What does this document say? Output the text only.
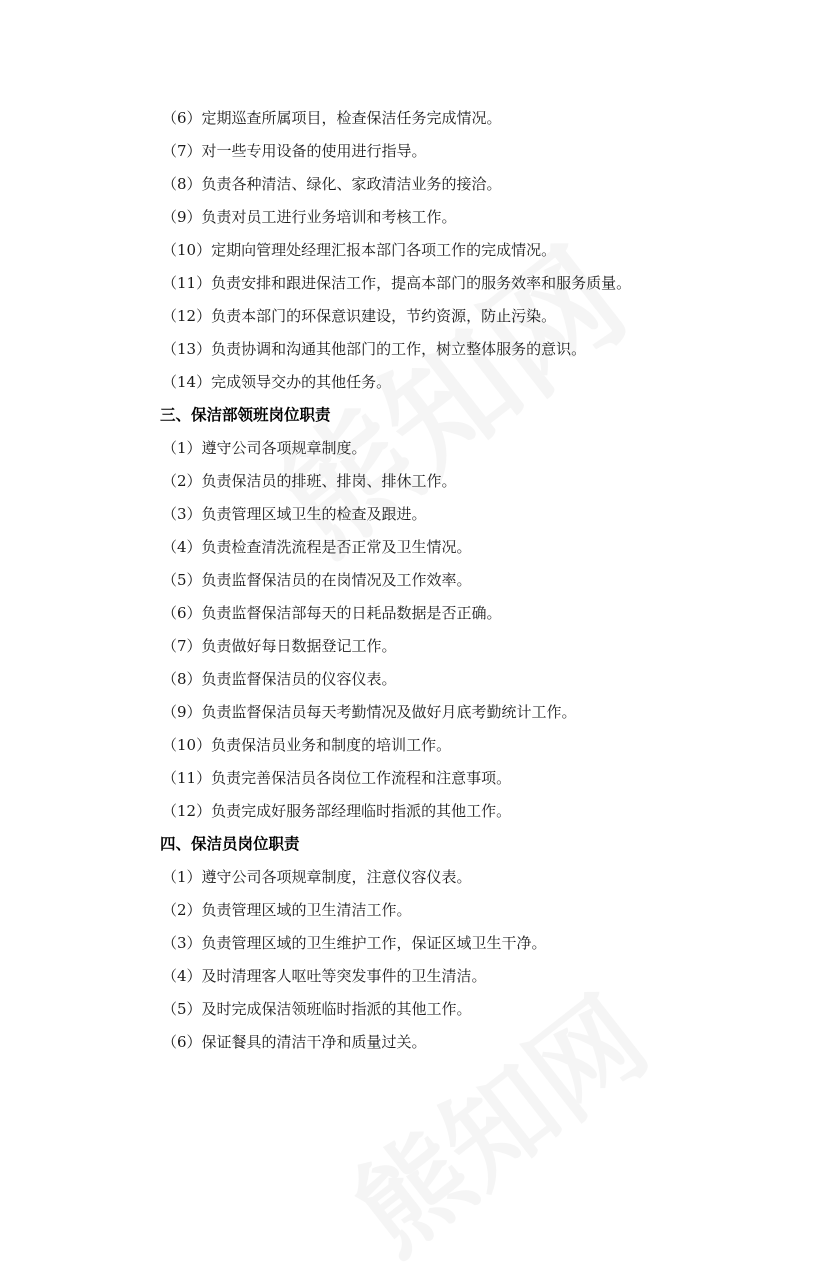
（6）定期巡查所属项目，检查保洁任务完成情况。
（7）对一些专用设备的使用进行指导。
（8）负责各种清洁、绿化、家政清洁业务的接洽。
（9）负责对员工进行业务培训和考核工作。
（10）定期向管理处经理汇报本部门各项工作的完成情况。
（11）负责安排和跟进保洁工作，提高本部门的服务效率和服务质量。
（12）负责本部门的环保意识建设，节约资源，防止污染。
（13）负责协调和沟通其他部门的工作，树立整体服务的意识。
（14）完成领导交办的其他任务。
三、保洁部领班岗位职责
（1）遵守公司各项规章制度。
（2）负责保洁员的排班、排岗、排休工作。
（3）负责管理区域卫生的检查及跟进。
（4）负责检查清洗流程是否正常及卫生情况。
（5）负责监督保洁员的在岗情况及工作效率。
（6）负责监督保洁部每天的日耗品数据是否正确。
（7）负责做好每日数据登记工作。
（8）负责监督保洁员的仪容仪表。
（9）负责监督保洁员每天考勤情况及做好月底考勤统计工作。
（10）负责保洁员业务和制度的培训工作。
（11）负责完善保洁员各岗位工作流程和注意事项。
（12）负责完成好服务部经理临时指派的其他工作。
四、保洁员岗位职责
（1）遵守公司各项规章制度，注意仪容仪表。
（2）负责管理区域的卫生清洁工作。
（3）负责管理区域的卫生维护工作，保证区域卫生干净。
（4）及时清理客人呕吐等突发事件的卫生清洁。
（5）及时完成保洁领班临时指派的其他工作。
（6）保证餐具的清洁干净和质量过关。
